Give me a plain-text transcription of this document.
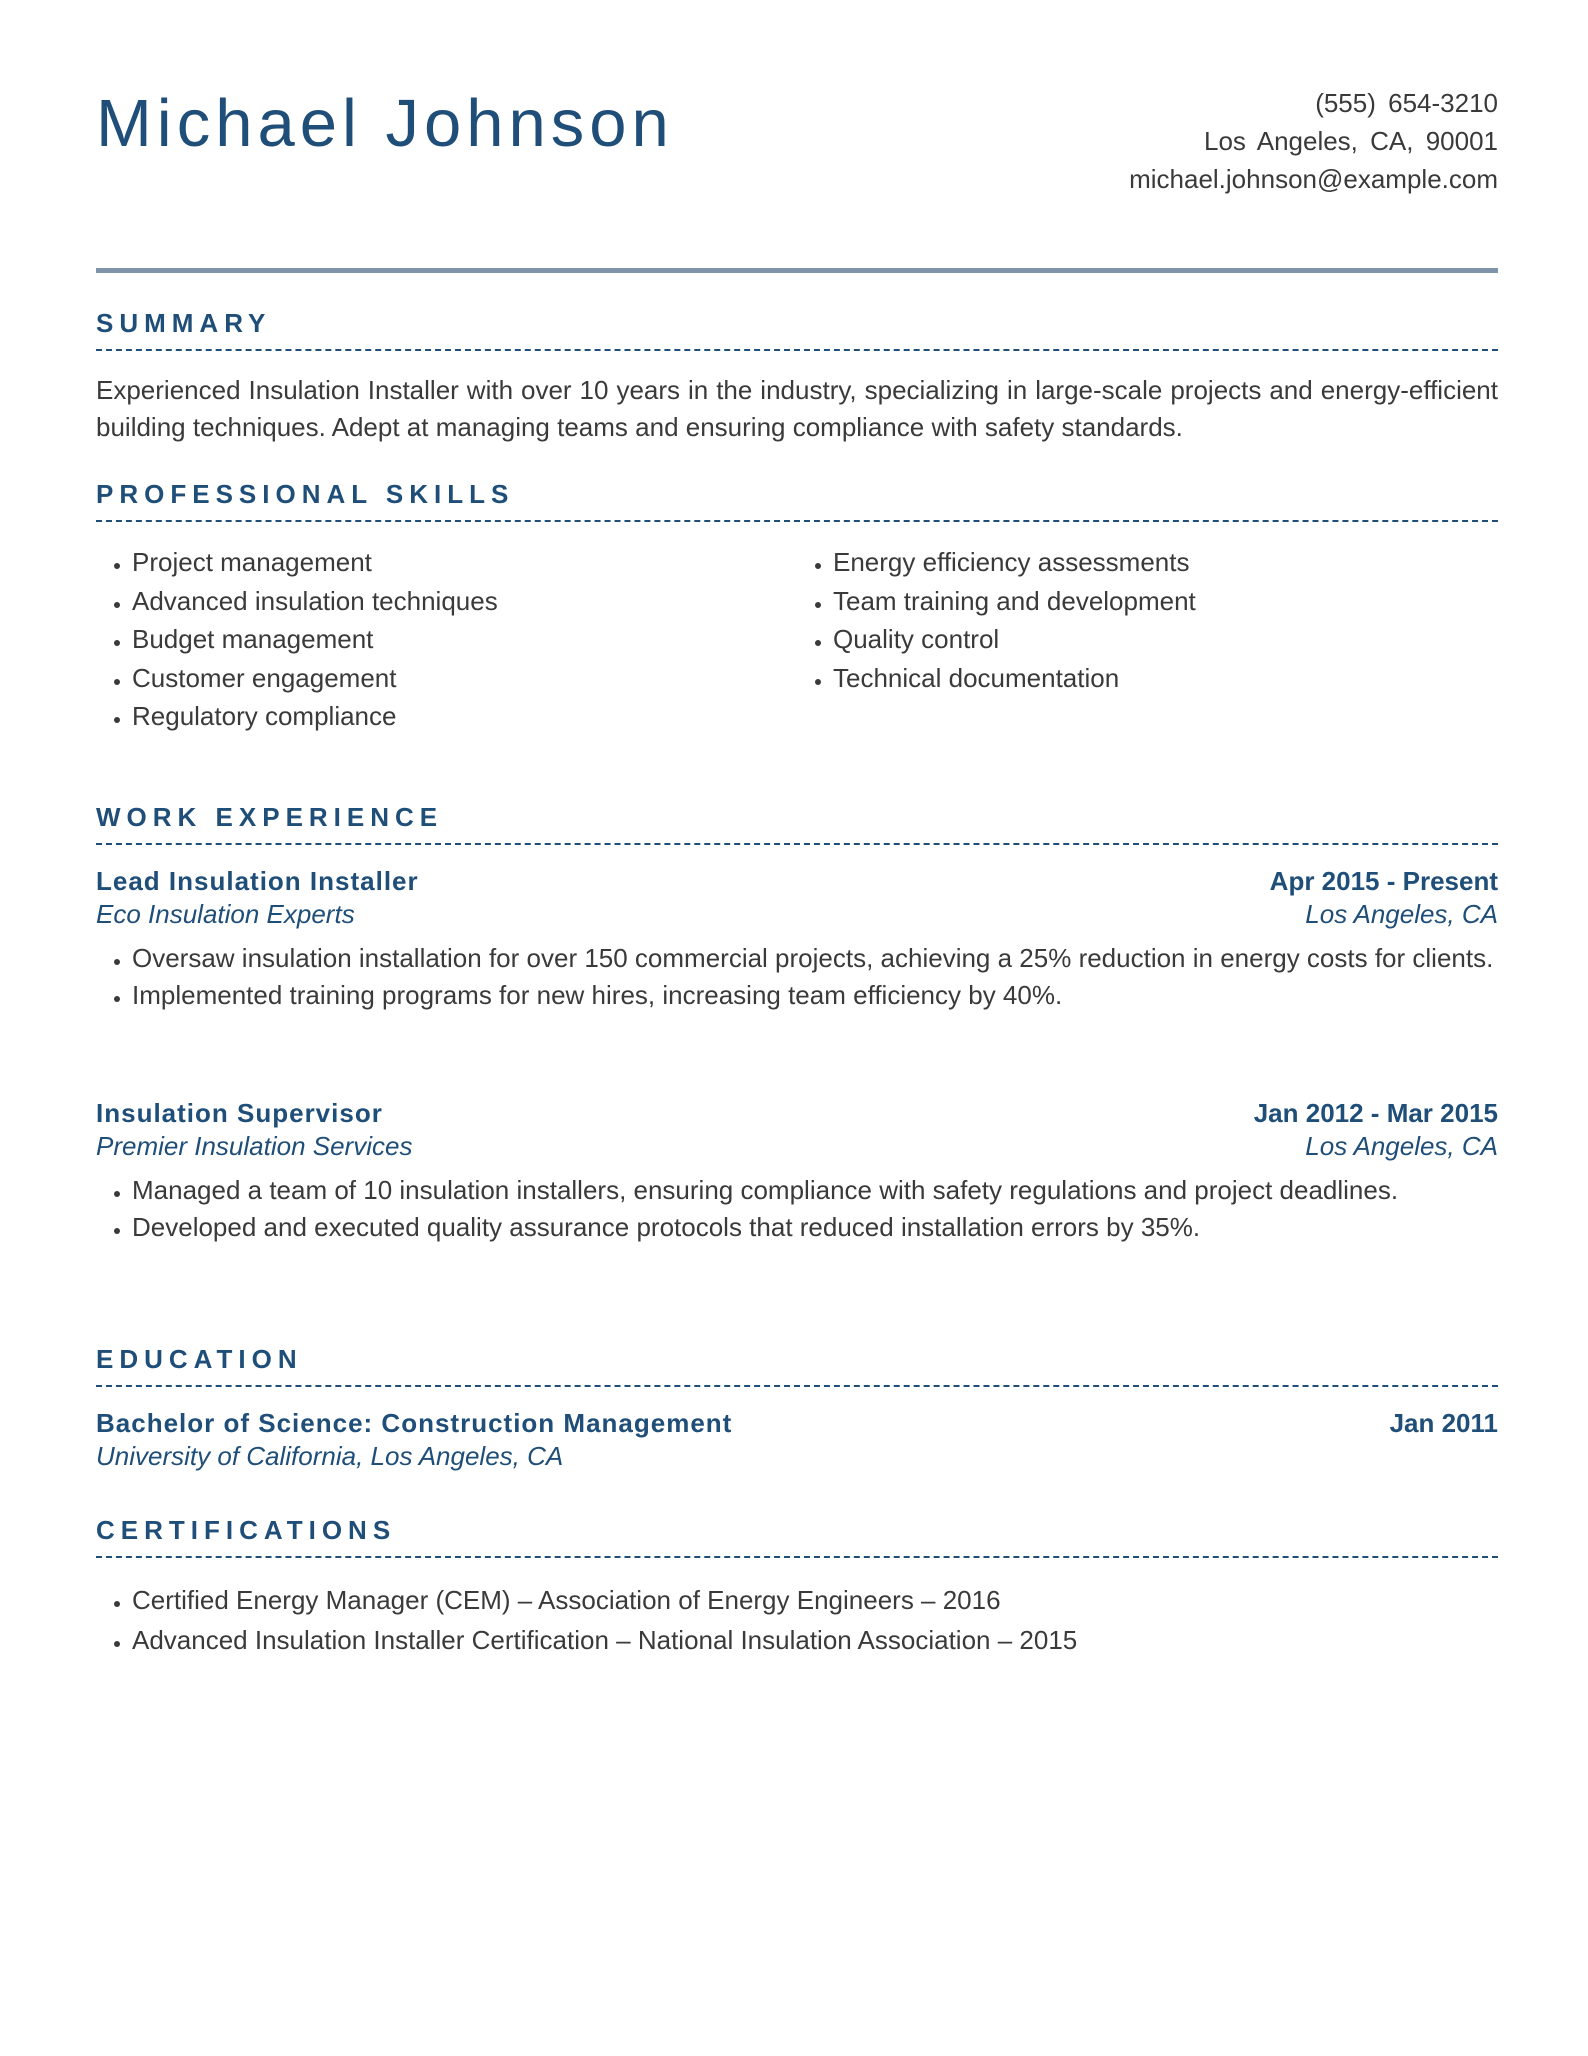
Michael Johnson	(555) 654-3210
Los Angeles, CA, 90001
michael.johnson@example.com
SUMMARY

Experienced Insulation Installer with over 10 years in the industry, specializing in large-scale projects and energy-efficient building techniques. Adept at managing teams and ensuring compliance with safety standards.

PROFESSIONAL SKILLS
• Project management
• Advanced insulation techniques
• Budget management
• Customer engagement
• Regulatory compliance
• Energy efficiency assessments
• Team training and development
• Quality control
• Technical documentation
WORK EXPERIENCE
Lead Insulation Installer	Apr 2015 - Present
Eco Insulation Experts	Los Angeles, CA
• Oversaw insulation installation for over 150 commercial projects, achieving a 25% reduction in energy costs for clients.
• Implemented training programs for new hires, increasing team efficiency by 40%.
Insulation Supervisor	Jan 2012 - Mar 2015
Premier Insulation Services	Los Angeles, CA
• Managed a team of 10 insulation installers, ensuring compliance with safety regulations and project deadlines.
• Developed and executed quality assurance protocols that reduced installation errors by 35%.
EDUCATION
Bachelor of Science: Construction Management	Jan 2011
University of California, Los Angeles, CA
CERTIFICATIONS
• Certified Energy Manager (CEM) – Association of Energy Engineers – 2016
• Advanced Insulation Installer Certification – National Insulation Association – 2015
